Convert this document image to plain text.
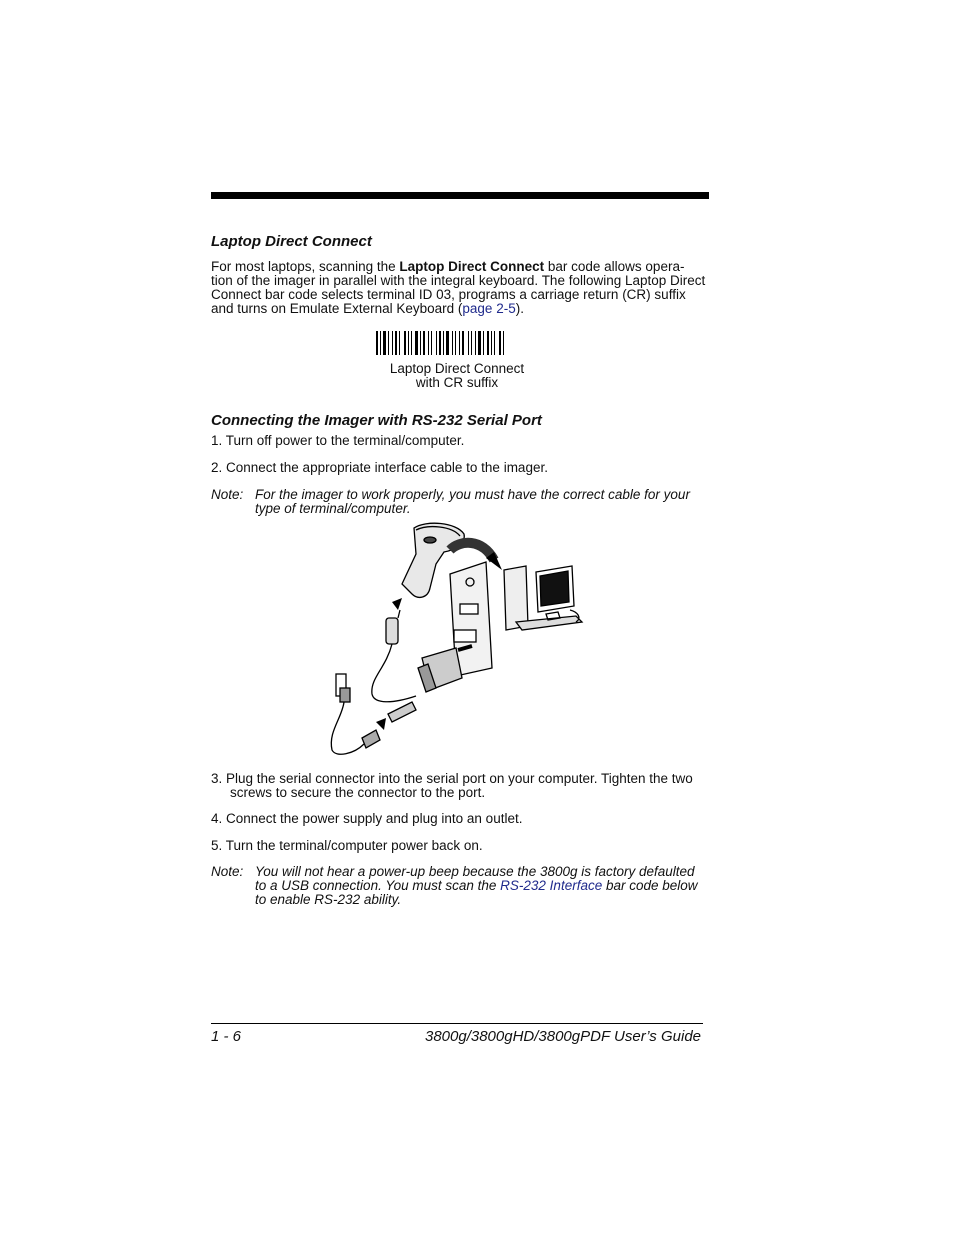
Laptop Direct Connect
For most laptops, scanning the Laptop Direct Connect bar code allows opera-tion of the imager in parallel with the integral keyboard. The following Laptop Direct Connect bar code selects terminal ID 03, programs a carriage return (CR) suffix and turns on Emulate External Keyboard (page 2-5).
Laptop Direct Connect
with CR suffix
Connecting the Imager with RS-232 Serial Port
1. Turn off power to the terminal/computer.
2. Connect the appropriate interface cable to the imager.
Note: For the imager to work properly, you must have the correct cable for your type of terminal/computer.
3. Plug the serial connector into the serial port on your computer. Tighten the two screws to secure the connector to the port.
4. Connect the power supply and plug into an outlet.
5. Turn the terminal/computer power back on.
Note: You will not hear a power-up beep because the 3800g is factory defaulted to a USB connection. You must scan the RS-232 Interface bar code below to enable RS-232 ability.
1 - 6	3800g/3800gHD/3800gPDF User’s Guide
